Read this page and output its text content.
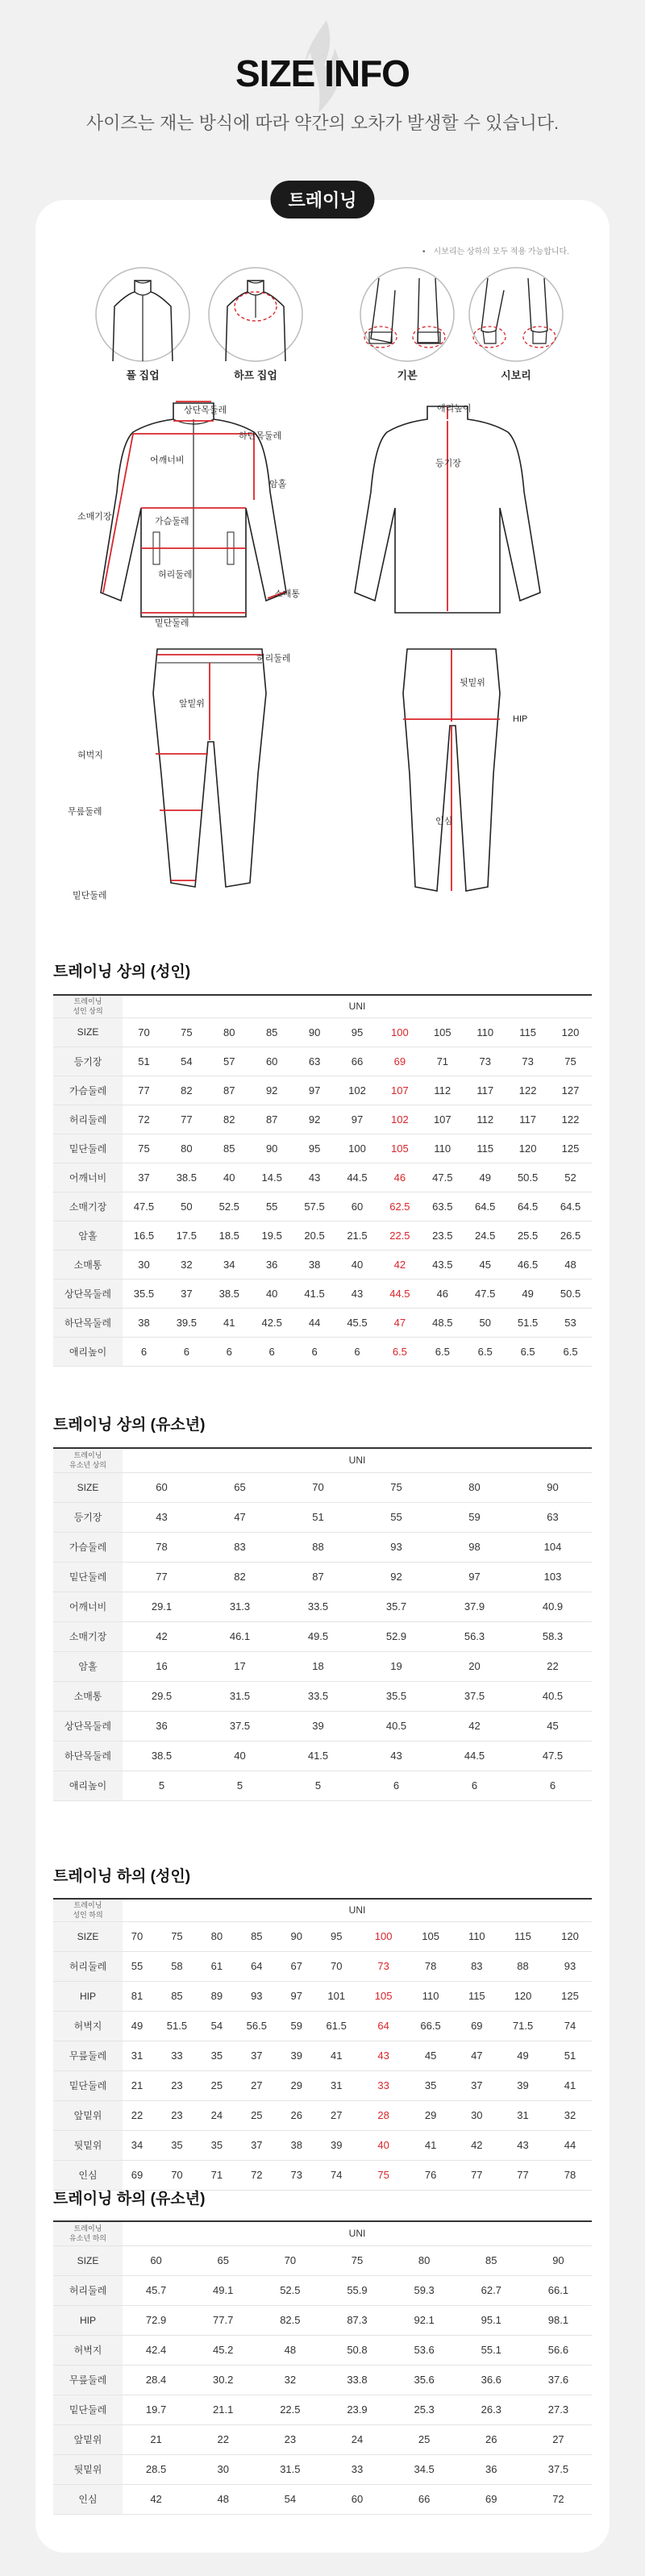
SIZE INFO

사이즈는 재는 방식에 따라 약간의 오차가 발생할 수 있습니다.

트레이닝
• 시보리는 상하의 모두 적용 가능합니다.
풀 집업	하프 집업	기본	시보리
상단목둘레
하단목둘레
어깨너비
암홀
소매기장	가슴둘레
허리둘레
소매통
밑단둘레
애리높이
등기장
허리둘레
앞밑위
허벅지
무릎둘레
밑단둘레
뒷밑위
HIP
인심
트레이닝 상의 (성인)
트레이닝
성인 상의	UNI										
SIZE	70	75	80	85	90	95	100	105	110	115	120
등기장	51	54	57	60	63	66	69	71	73	73	75
가슴둘레	77	82	87	92	97	102	107	112	117	122	127
허리둘레	72	77	82	87	92	97	102	107	112	117	122
밑단둘레	75	80	85	90	95	100	105	110	115	120	125
어깨너비	37	38.5	40	14.5	43	44.5	46	47.5	49	50.5	52
소매기장	47.5	50	52.5	55	57.5	60	62.5	63.5	64.5	64.5	64.5
암홀	16.5	17.5	18.5	19.5	20.5	21.5	22.5	23.5	24.5	25.5	26.5
소매통	30	32	34	36	38	40	42	43.5	45	46.5	48
상단목둘레	35.5	37	38.5	40	41.5	43	44.5	46	47.5	49	50.5
하단목둘레	38	39.5	41	42.5	44	45.5	47	48.5	50	51.5	53
애리높이	6	6	6	6	6	6	6.5	6.5	6.5	6.5	6.5
트레이닝 상의 (유소년)
트레이닝
유소년 상의	UNI					
SIZE	60	65	70	75	80	90
등기장	43	47	51	55	59	63
가슴둘레	78	83	88	93	98	104
밑단둘레	77	82	87	92	97	103
어깨너비	29.1	31.3	33.5	35.7	37.9	40.9
소매기장	42	46.1	49.5	52.9	56.3	58.3
암홀	16	17	18	19	20	22
소매통	29.5	31.5	33.5	35.5	37.5	40.5
상단목둘레	36	37.5	39	40.5	42	45
하단목둘레	38.5	40	41.5	43	44.5	47.5
애리높이	5	5	5	6	6	6
트레이닝 하의 (성인)
트레이닝
성인 하의	UNI										
SIZE	70	75	80	85	90	95	100	105	110	115	120
허리둘레	55	58	61	64	67	70	73	78	83	88	93
HIP	81	85	89	93	97	101	105	110	115	120	125
허벅지	49	51.5	54	56.5	59	61.5	64	66.5	69	71.5	74
무릎둘레	31	33	35	37	39	41	43	45	47	49	51
밑단둘레	21	23	25	27	29	31	33	35	37	39	41
앞밑위	22	23	24	25	26	27	28	29	30	31	32
뒷밑위	34	35	35	37	38	39	40	41	42	43	44
인심	69	70	71	72	73	74	75	76	77	77	78
트레이닝 하의 (유소년)
트레이닝
유소년 하의	UNI						
SIZE	60	65	70	75	80	85	90
허리둘레	45.7	49.1	52.5	55.9	59.3	62.7	66.1
HIP	72.9	77.7	82.5	87.3	92.1	95.1	98.1
허벅지	42.4	45.2	48	50.8	53.6	55.1	56.6
무릎둘레	28.4	30.2	32	33.8	35.6	36.6	37.6
밑단둘레	19.7	21.1	22.5	23.9	25.3	26.3	27.3
앞밑위	21	22	23	24	25	26	27
뒷밑위	28.5	30	31.5	33	34.5	36	37.5
인심	42	48	54	60	66	69	72
